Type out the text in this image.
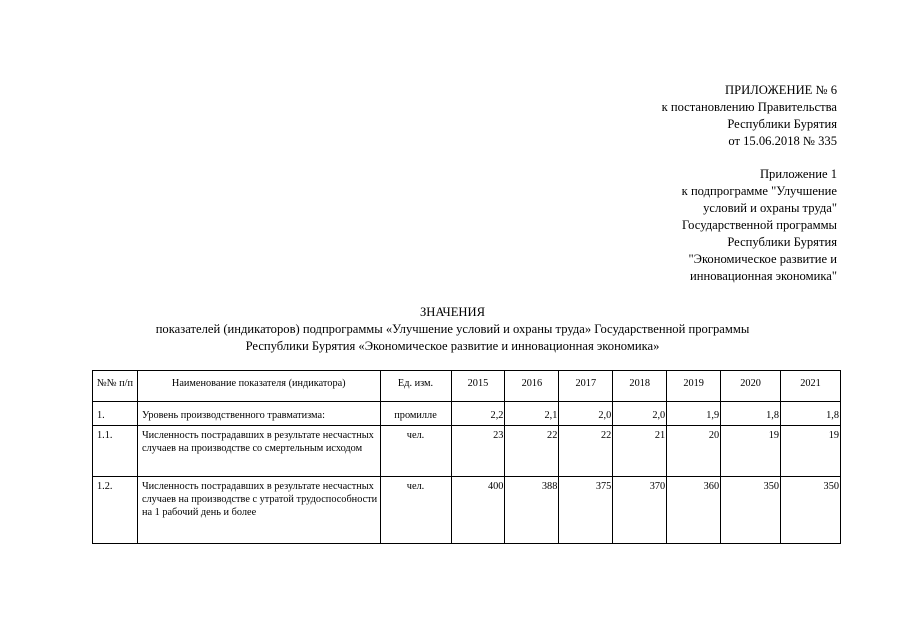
ПРИЛОЖЕНИЕ № 6
к постановлению Правительства
Республики Бурятия
от 15.06.2018 № 335
Приложение 1
к подпрограмме "Улучшение
условий и охраны труда"
Государственной программы
Республики Бурятия
"Экономическое развитие и
инновационная экономика"
ЗНАЧЕНИЯ
показателей (индикаторов) подпрограммы «Улучшение условий и охраны труда» Государственной программы
Республики Бурятия «Экономическое развитие и инновационная экономика»
№№ п/п	Наименование показателя (индикатора)	Ед. изм.	2015	2016	2017	2018	2019	2020	2021
1.	Уровень производственного травматизма:	промилле	2,2	2,1	2,0	2,0	1,9	1,8	1,8
1.1.	Численность пострадавших в результате несчастных случаев на производстве со смертельным исходом	чел.	23	22	22	21	20	19	19
1.2.	Численность пострадавших в результате несчастных случаев на производстве с утратой трудоспособности на 1 рабочий день и более	чел.	400	388	375	370	360	350	350
